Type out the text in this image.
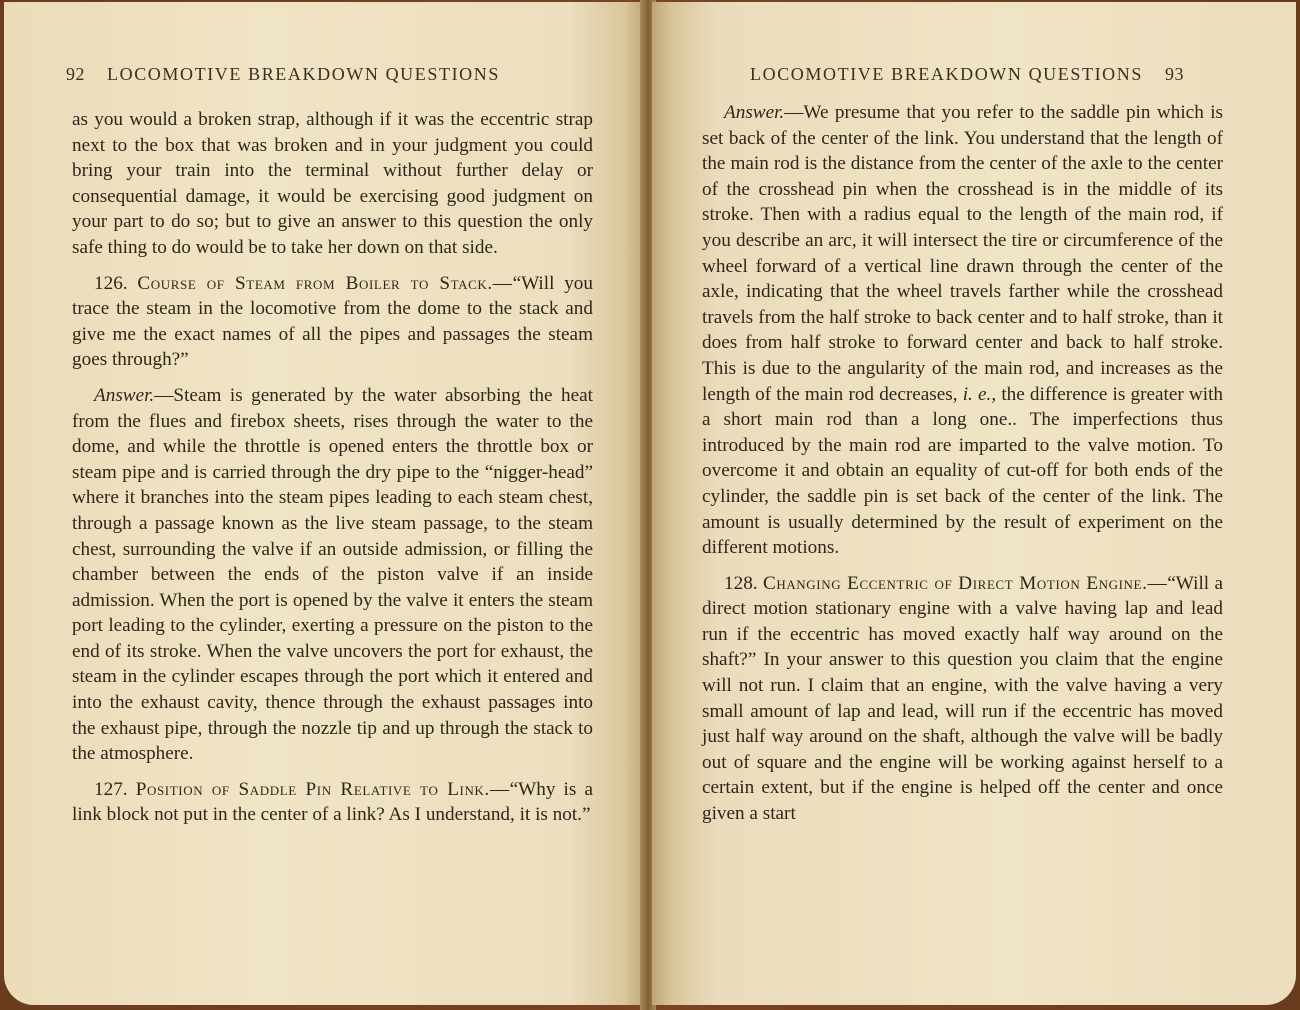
92 LOCOMOTIVE BREAKDOWN QUESTIONS

as you would a broken strap, although if it was the eccentric strap next to the box that was broken and in your judgment you could bring your train into the terminal without further delay or consequential damage, it would be exercising good judgment on your part to do so; but to give an answer to this question the only safe thing to do would be to take her down on that side.

126. Course of Steam from Boiler to Stack.—“Will you trace the steam in the locomotive from the dome to the stack and give me the exact names of all the pipes and passages the steam goes through?”

Answer.—Steam is generated by the water absorbing the heat from the flues and firebox sheets, rises through the water to the dome, and while the throttle is opened enters the throttle box or steam pipe and is carried through the dry pipe to the “nigger-head” where it branches into the steam pipes leading to each steam chest, through a passage known as the live steam passage, to the steam chest, surrounding the valve if an outside admission, or filling the chamber between the ends of the piston valve if an inside admission. When the port is opened by the valve it enters the steam port leading to the cylinder, exerting a pressure on the piston to the end of its stroke. When the valve uncovers the port for exhaust, the steam in the cylinder escapes through the port which it entered and into the exhaust cavity, thence through the exhaust passages into the exhaust pipe, through the nozzle tip and up through the stack to the atmosphere.

127. Position of Saddle Pin Relative to Link.—“Why is a link block not put in the center of a link? As I understand, it is not.”

LOCOMOTIVE BREAKDOWN QUESTIONS 93

Answer.—We presume that you refer to the saddle pin which is set back of the center of the link. You understand that the length of the main rod is the distance from the center of the axle to the center of the crosshead pin when the crosshead is in the middle of its stroke. Then with a radius equal to the length of the main rod, if you describe an arc, it will intersect the tire or circumference of the wheel forward of a vertical line drawn through the center of the axle, indicating that the wheel travels farther while the crosshead travels from the half stroke to back center and to half stroke, than it does from half stroke to forward center and back to half stroke. This is due to the angularity of the main rod, and increases as the length of the main rod decreases, i. e., the difference is greater with a short main rod than a long one.. The imperfections thus introduced by the main rod are imparted to the valve motion. To overcome it and obtain an equality of cut-off for both ends of the cylinder, the saddle pin is set back of the center of the link. The amount is usually determined by the result of experiment on the different motions.

128. Changing Eccentric of Direct Motion Engine.—“Will a direct motion stationary engine with a valve having lap and lead run if the eccentric has moved exactly half way around on the shaft?” In your answer to this question you claim that the engine will not run. I claim that an engine, with the valve having a very small amount of lap and lead, will run if the eccentric has moved just half way around on the shaft, although the valve will be badly out of square and the engine will be working against herself to a certain extent, but if the engine is helped off the center and once given a start
